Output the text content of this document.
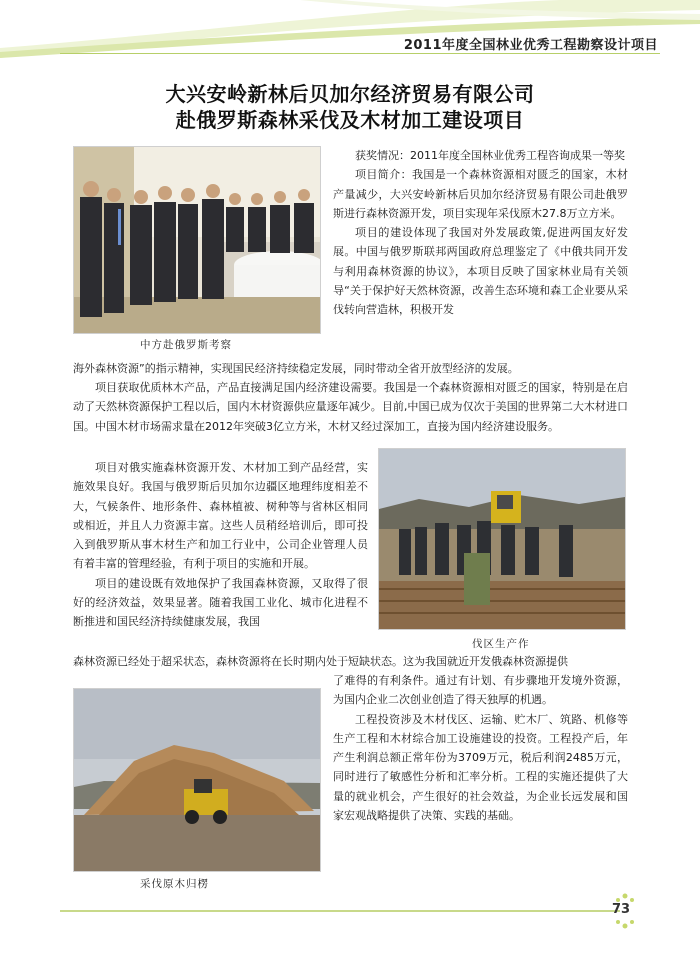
2011年度全国林业优秀工程勘察设计项目
大兴安岭新林后贝加尔经济贸易有限公司
赴俄罗斯森林采伐及木材加工建设项目
中方赴俄罗斯考察

获奖情况：2011年度全国林业优秀工程咨询成果一等奖

项目简介：我国是一个森林资源相对匮乏的国家，木材产量减少，大兴安岭新林后贝加尔经济贸易有限公司赴俄罗斯进行森林资源开发，项目实现年采伐原木27.8万立方米。

项目的建设体现了我国对外发展政策,促进两国友好发展。中国与俄罗斯联邦两国政府总理鉴定了《中俄共同开发与利用森林资源的协议》，本项目反映了国家林业局有关领导“关于保护好天然林资源，改善生态环境和森工企业要从采伐转向营造林，积极开发

海外森林资源”的指示精神，实现国民经济持续稳定发展，同时带动全省开放型经济的发展。
项目获取优质林木产品，产品直接满足国内经济建设需要。我国是一个森林资源相对匮乏的国家，特别是在启动了天然林资源保护工程以后，国内木材资源供应量逐年减少。目前,中国已成为仅次于美国的世界第二大木材进口国。中国木材市场需求量在2012年突破3亿立方米，木材又经过深加工，直接为国内经济建设服务。
伐区生产作

项目对俄实施森林资源开发、木材加工到产品经营，实施效果良好。我国与俄罗斯后贝加尔边疆区地理纬度相差不大，气候条件、地形条件、森林植被、树种等与省林区相同或相近，并且人力资源丰富。这些人员稍经培训后，即可投入到俄罗斯从事木材生产和加工行业中，公司企业管理人员有着丰富的管理经验，有利于项目的实施和开展。

项目的建设既有效地保护了我国森林资源，又取得了很好的经济效益，效果显著。随着我国工业化、城市化进程不断推进和国民经济持续健康发展，我国

森林资源已经处于超采状态，森林资源将在长时期内处于短缺状态。这为我国就近开发俄森林资源提供
采伐原木归楞

了难得的有利条件。通过有计划、有步骤地开发境外资源，为国内企业二次创业创造了得天独厚的机遇。

工程投资涉及木材伐区、运输、贮木厂、筑路、机修等生产工程和木材综合加工设施建设的投资。工程投产后，年产生利润总额正常年份为3709万元，税后利润2485万元，同时进行了敏感性分析和汇率分析。工程的实施还提供了大量的就业机会，产生很好的社会效益，为企业长远发展和国家宏观战略提供了决策、实践的基础。

73
